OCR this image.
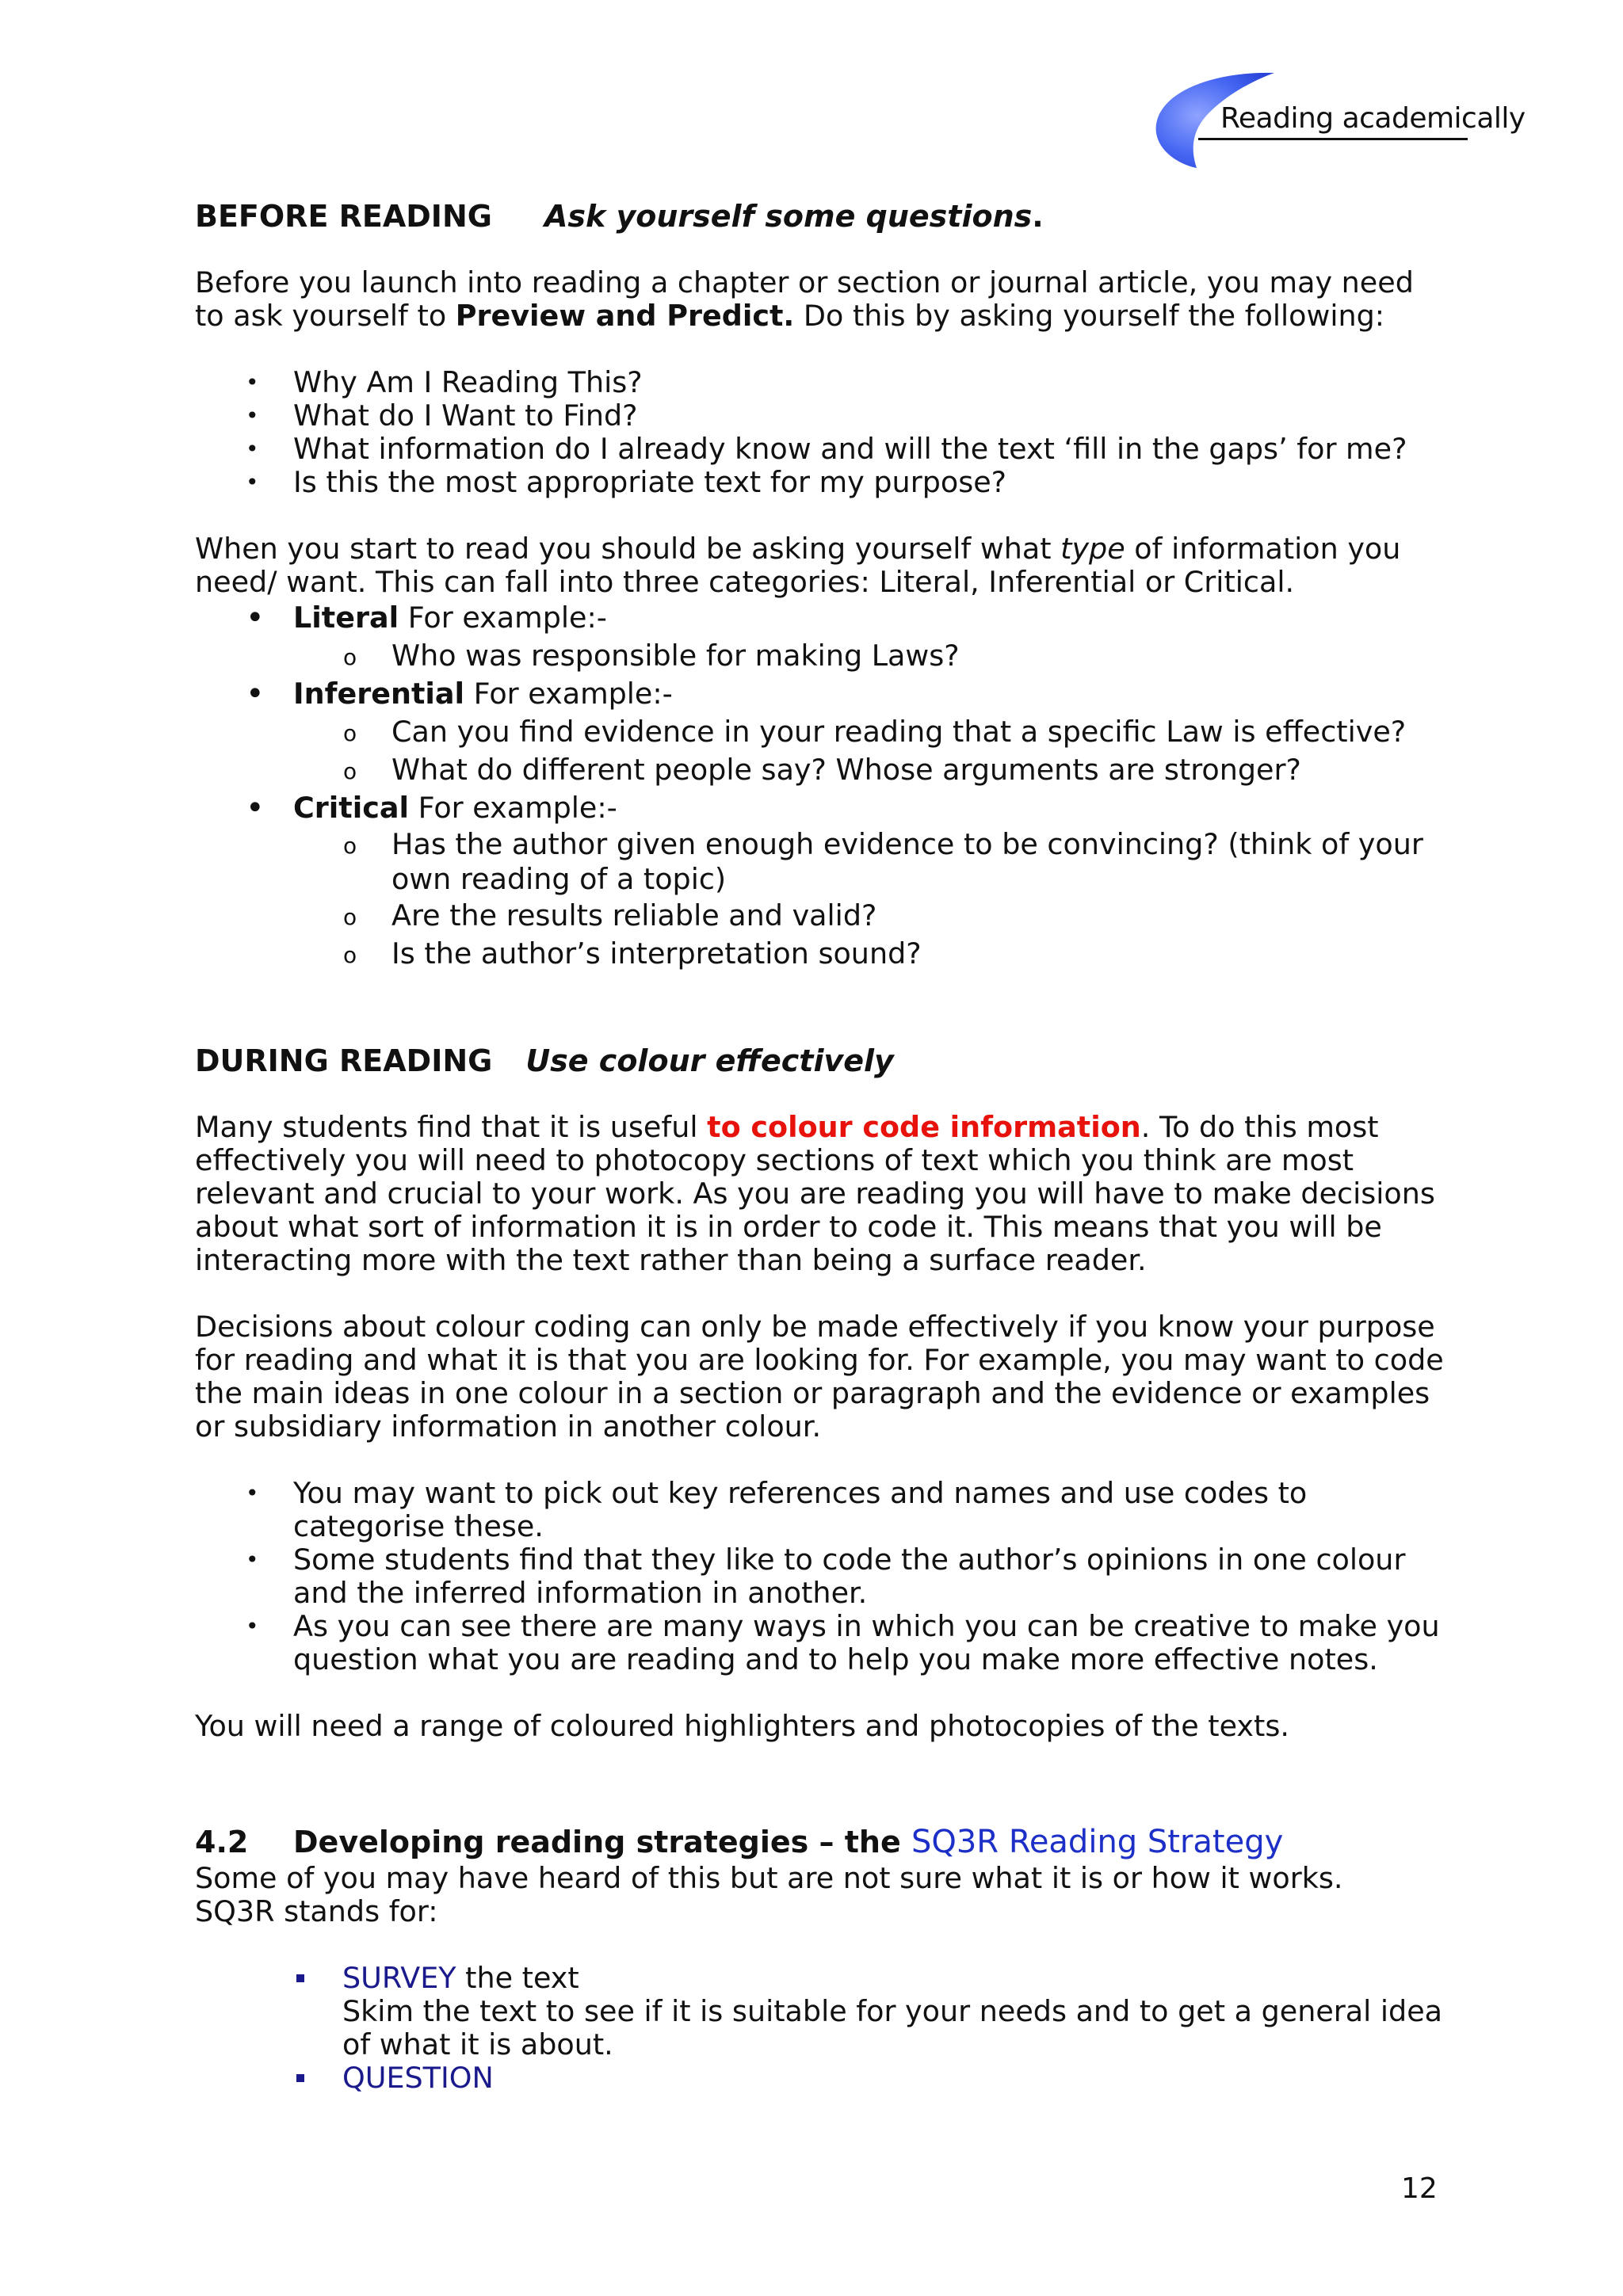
Reading academically
BEFORE READING Ask yourself some questions.

Before you launch into reading a chapter or section or journal article, you may need to ask yourself to Preview and Predict. Do this by asking yourself the following:

• Why Am I Reading This?
• What do I Want to Find?
• What information do I already know and will the text ‘fill in the gaps’ for me?
• Is this the most appropriate text for my purpose?

When you start to read you should be asking yourself what type of information you need/ want. This can fall into three categories: Literal, Inferential or Critical.

• Literal For example:-
o Who was responsible for making Laws?
• Inferential For example:-
o Can you find evidence in your reading that a specific Law is effective?
o What do different people say? Whose arguments are stronger?
• Critical For example:-
o Has the author given enough evidence to be convincing? (think of your own reading of a topic)
o Are the results reliable and valid?
o Is the author’s interpretation sound?
DURING READING Use colour effectively

Many students find that it is useful to colour code information. To do this most effectively you will need to photocopy sections of text which you think are most relevant and crucial to your work. As you are reading you will have to make decisions about what sort of information it is in order to code it. This means that you will be interacting more with the text rather than being a surface reader.

Decisions about colour coding can only be made effectively if you know your purpose for reading and what it is that you are looking for. For example, you may want to code the main ideas in one colour in a section or paragraph and the evidence or examples or subsidiary information in another colour.

• You may want to pick out key references and names and use codes to categorise these.
• Some students find that they like to code the author’s opinions in one colour and the inferred information in another.
• As you can see there are many ways in which you can be creative to make you question what you are reading and to help you make more effective notes.

You will need a range of coloured highlighters and photocopies of the texts.

4.2 Developing reading strategies – the SQ3R Reading Strategy

Some of you may have heard of this but are not sure what it is or how it works.

SQ3R stands for:

SURVEY the text
Skim the text to see if it is suitable for your needs and to get a general idea of what it is about.
QUESTION
12
